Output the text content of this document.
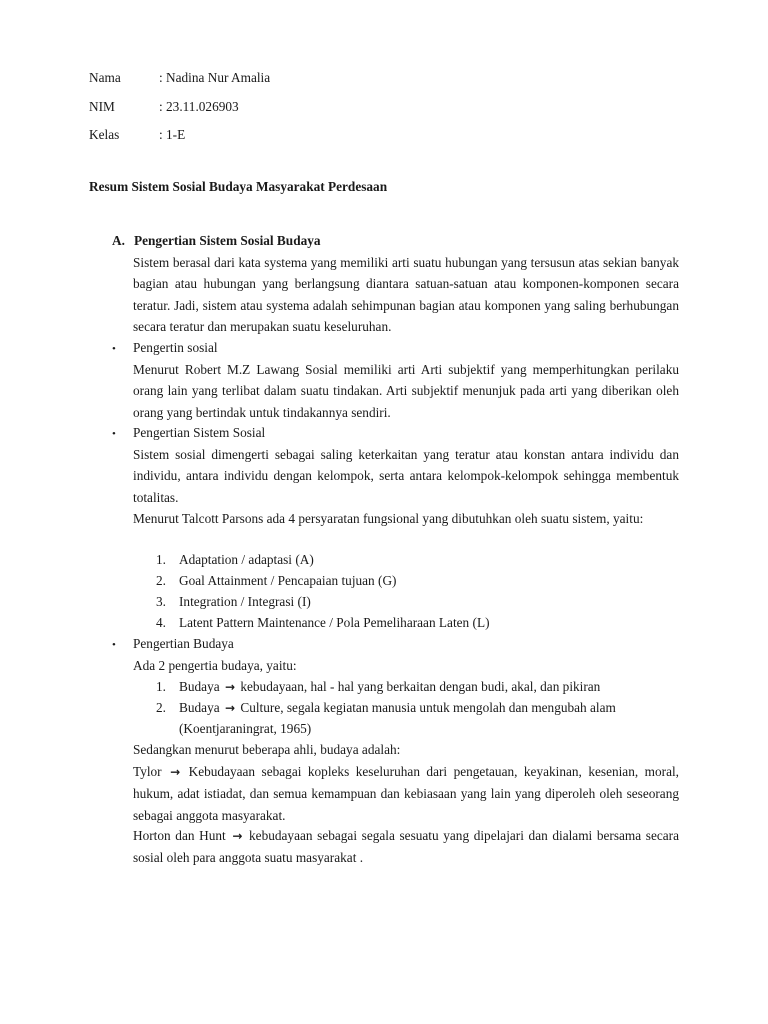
Nama	: Nadina Nur Amalia
NIM	: 23.11.026903
Kelas	: 1-E
Resum Sistem Sosial Budaya Masyarakat Perdesaan
A. Pengertian Sistem Sosial Budaya

Sistem berasal dari kata systema yang memiliki arti suatu hubungan yang tersusun atas sekian banyak bagian atau hubungan yang berlangsung diantara satuan-satuan atau komponen-komponen secara teratur. Jadi, sistem atau systema adalah sehimpunan bagian atau komponen yang saling berhubungan secara teratur dan merupakan suatu keseluruhan.

• Pengertin sosial

Menurut Robert M.Z Lawang Sosial memiliki arti Arti subjektif yang memperhitungkan perilaku orang lain yang terlibat dalam suatu tindakan. Arti subjektif menunjuk pada arti yang diberikan oleh orang yang bertindak untuk tindakannya sendiri.

• Pengertian Sistem Sosial

Sistem sosial dimengerti sebagai saling keterkaitan yang teratur atau konstan antara individu dan individu, antara individu dengan kelompok, serta antara kelompok-kelompok sehingga membentuk totalitas.

Menurut Talcott Parsons ada 4 persyaratan fungsional yang dibutuhkan oleh suatu sistem, yaitu:

1. Adaptation / adaptasi (A)
2. Goal Attainment / Pencapaian tujuan (G)
3. Integration / Integrasi (I)
4. Latent Pattern Maintenance / Pola Pemeliharaan Laten (L)
• Pengertian Budaya
Ada 2 pengertia budaya, yaitu:
1. Budaya → kebudayaan, hal - hal yang berkaitan dengan budi, akal, dan pikiran
2. Budaya → Culture, segala kegiatan manusia untuk mengolah dan mengubah alam
(Koentjaraningrat, 1965)
Sedangkan menurut beberapa ahli, budaya adalah:

Tylor → Kebudayaan sebagai kopleks keseluruhan dari pengetauan, keyakinan, kesenian, moral, hukum, adat istiadat, dan semua kemampuan dan kebiasaan yang lain yang diperoleh oleh seseorang sebagai anggota masyarakat.

Horton dan Hunt → kebudayaan sebagai segala sesuatu yang dipelajari dan dialami bersama secara sosial oleh para anggota suatu masyarakat .
